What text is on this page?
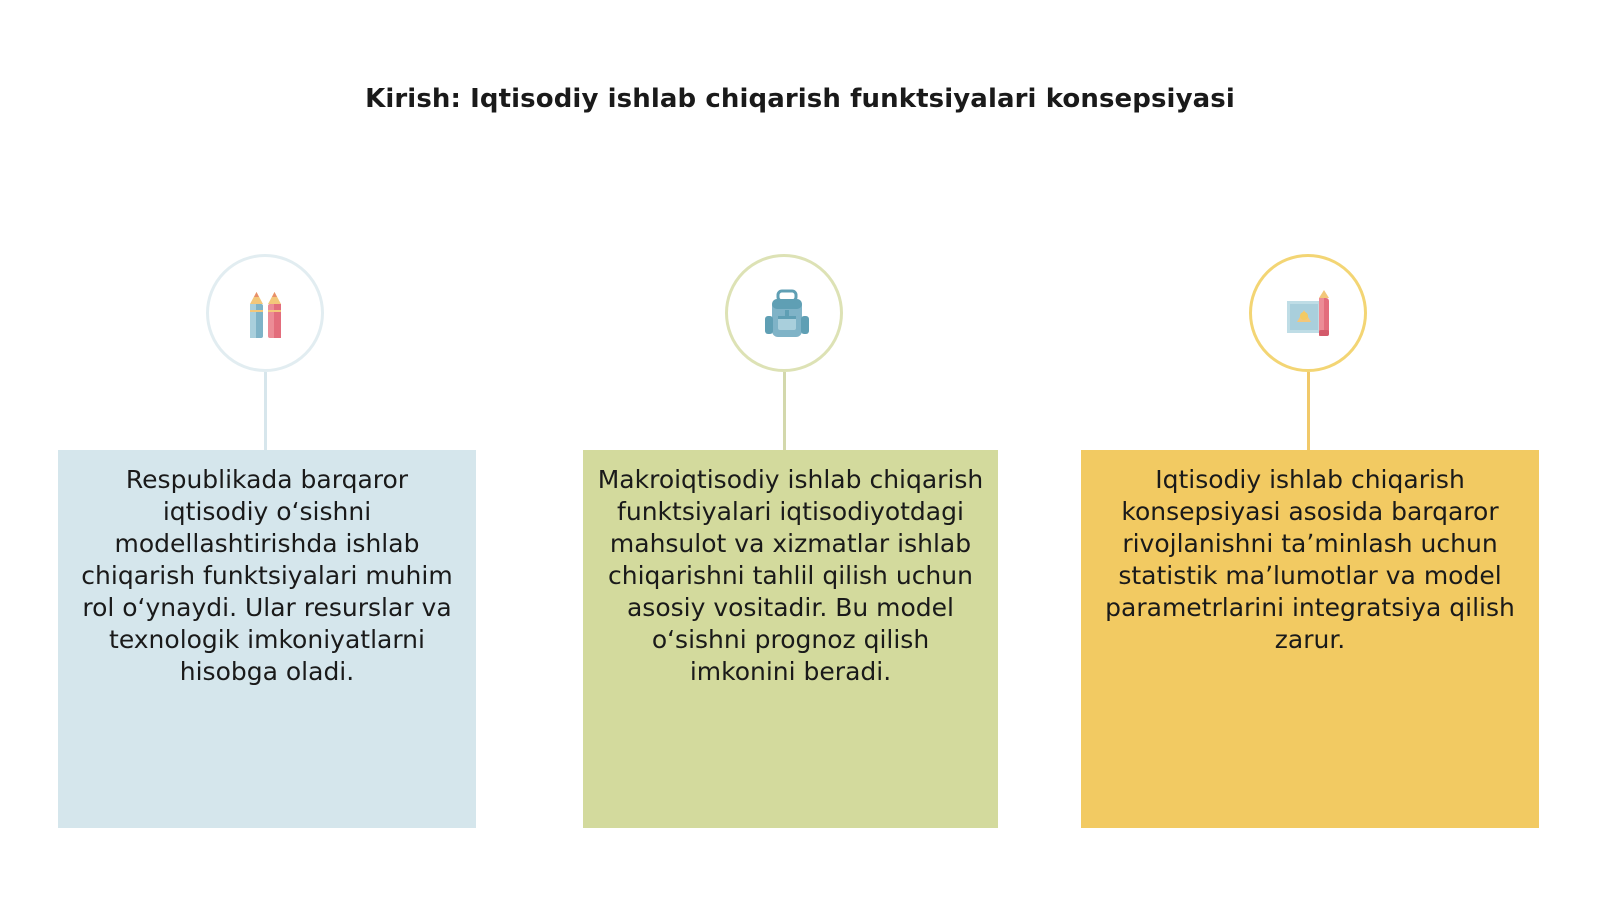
Kirish: Iqtisodiy ishlab chiqarish funktsiyalari konsepsiyasi
Respublikada barqaror iqtisodiy oʻsishni modellashtirishda ishlab chiqarish funktsiyalari muhim rol oʻynaydi. Ular resurslar va texnologik imkoniyatlarni hisobga oladi.
Makroiqtisodiy ishlab chiqarish funktsiyalari iqtisodiyotdagi mahsulot va xizmatlar ishlab chiqarishni tahlil qilish uchun asosiy vositadir. Bu model oʻsishni prognoz qilish imkonini beradi.
Iqtisodiy ishlab chiqarish konsepsiyasi asosida barqaror rivojlanishni taʼminlash uchun statistik maʼlumotlar va model parametrlarini integratsiya qilish zarur.
